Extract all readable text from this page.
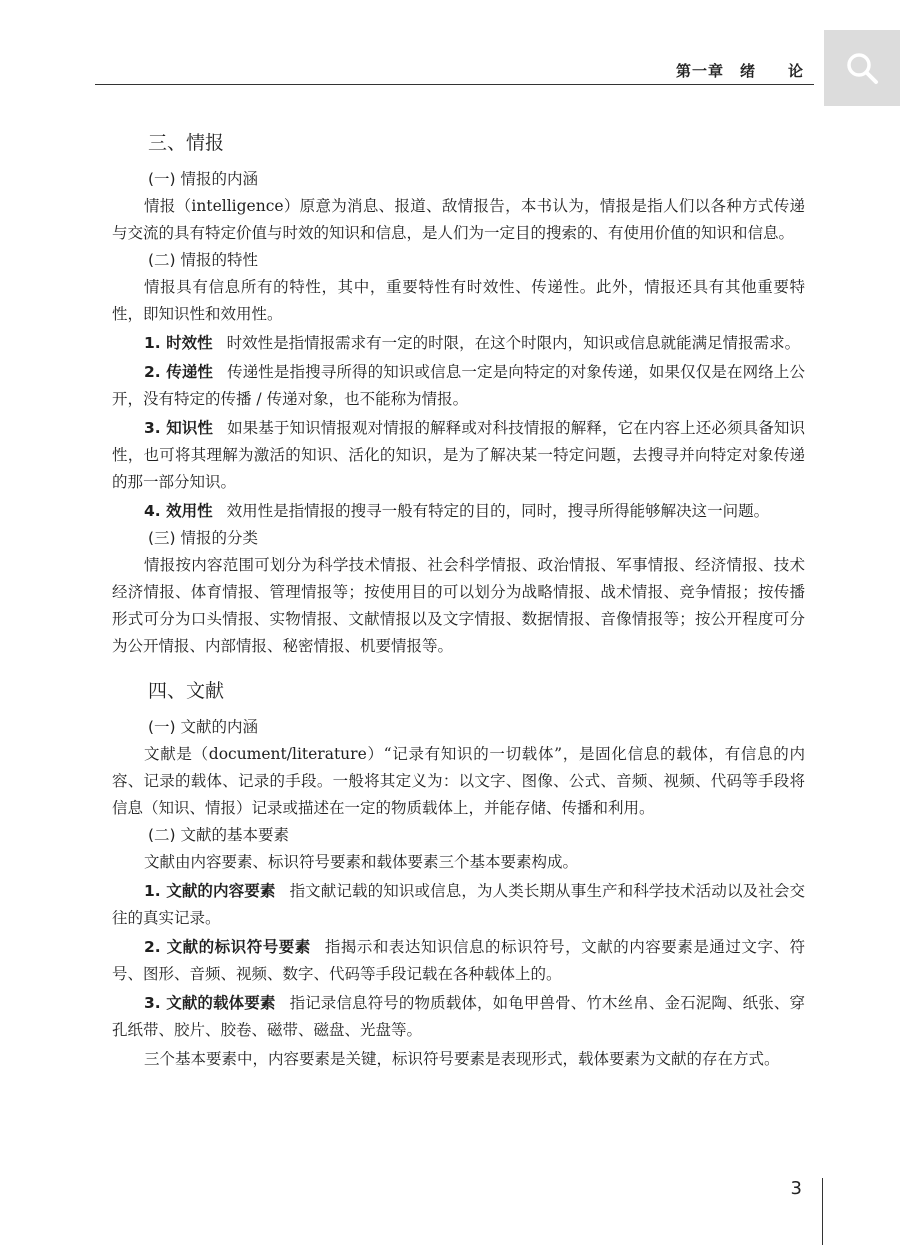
第一章　绪　　论
三、情报
(一) 情报的内涵

情报（intelligence）原意为消息、报道、敌情报告，本书认为，情报是指人们以各种方式传递与交流的具有特定价值与时效的知识和信息，是人们为一定目的搜索的、有使用价值的知识和信息。

(二) 情报的特性

情报具有信息所有的特性，其中，重要特性有时效性、传递性。此外，情报还具有其他重要特性，即知识性和效用性。

1. 时效性 时效性是指情报需求有一定的时限，在这个时限内，知识或信息就能满足情报需求。

2. 传递性 传递性是指搜寻所得的知识或信息一定是向特定的对象传递，如果仅仅是在网络上公开，没有特定的传播 / 传递对象，也不能称为情报。

3. 知识性 如果基于知识情报观对情报的解释或对科技情报的解释，它在内容上还必须具备知识性，也可将其理解为激活的知识、活化的知识，是为了解决某一特定问题，去搜寻并向特定对象传递的那一部分知识。

4. 效用性 效用性是指情报的搜寻一般有特定的目的，同时，搜寻所得能够解决这一问题。

(三) 情报的分类

情报按内容范围可划分为科学技术情报、社会科学情报、政治情报、军事情报、经济情报、技术经济情报、体育情报、管理情报等；按使用目的可以划分为战略情报、战术情报、竞争情报；按传播形式可分为口头情报、实物情报、文献情报以及文字情报、数据情报、音像情报等；按公开程度可分为公开情报、内部情报、秘密情报、机要情报等。

四、文献
(一) 文献的内涵

文献是（document/literature）“记录有知识的一切载体”，是固化信息的载体，有信息的内容、记录的载体、记录的手段。一般将其定义为：以文字、图像、公式、音频、视频、代码等手段将信息（知识、情报）记录或描述在一定的物质载体上，并能存储、传播和利用。

(二) 文献的基本要素

文献由内容要素、标识符号要素和载体要素三个基本要素构成。

1. 文献的内容要素 指文献记载的知识或信息，为人类长期从事生产和科学技术活动以及社会交往的真实记录。

2. 文献的标识符号要素 指揭示和表达知识信息的标识符号，文献的内容要素是通过文字、符号、图形、音频、视频、数字、代码等手段记载在各种载体上的。

3. 文献的载体要素 指记录信息符号的物质载体，如龟甲兽骨、竹木丝帛、金石泥陶、纸张、穿孔纸带、胶片、胶卷、磁带、磁盘、光盘等。

三个基本要素中，内容要素是关键，标识符号要素是表现形式，载体要素为文献的存在方式。

3
